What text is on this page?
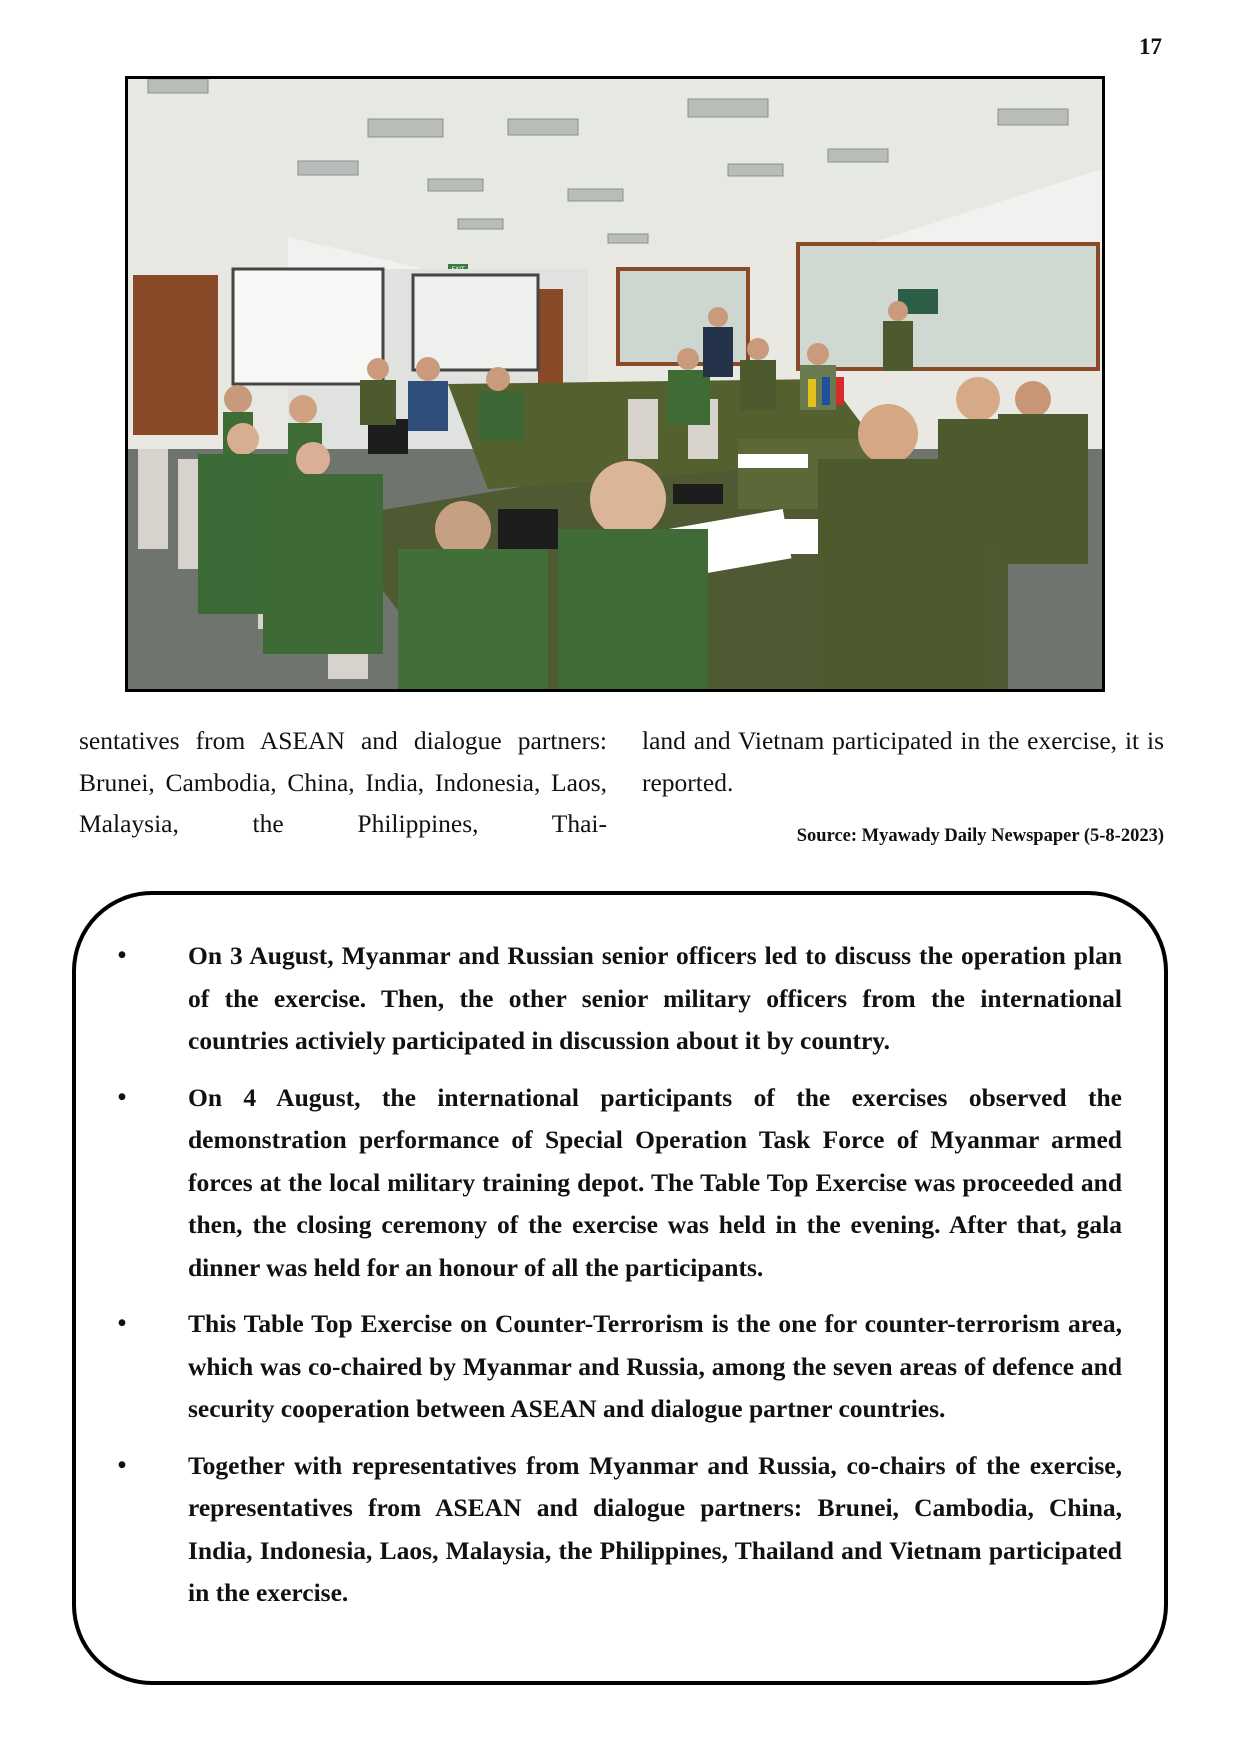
17

sentatives from ASEAN and dialogue partners: Brunei, Cambodia, China, India, Indonesia, Laos, Malaysia, the Philippines, Thai-

land and Vietnam participated in the exercise, it is reported.

Source: Myawady Daily Newspaper (5-8-2023)
• On 3 August, Myanmar and Russian senior officers led to discuss the operation plan of the exercise. Then, the other senior military officers from the international countries activiely participated in discussion about it by country.
• On 4 August, the international participants of the exercises observed the demonstration performance of Special Operation Task Force of Myanmar armed forces at the local military training depot. The Table Top Exercise was proceeded and then, the closing ceremony of the exercise was held in the evening. After that, gala dinner was held for an honour of all the participants.
• This Table Top Exercise on Counter-Terrorism is the one for counter-terrorism area, which was co-chaired by Myanmar and Russia, among the seven areas of defence and security cooperation between ASEAN and dialogue partner countries.
• Together with representatives from Myanmar and Russia, co-chairs of the exercise, representatives from ASEAN and dialogue partners: Brunei, Cambodia, China, India, Indonesia, Laos, Malaysia, the Philippines, Thailand and Vietnam participated in the exercise.
